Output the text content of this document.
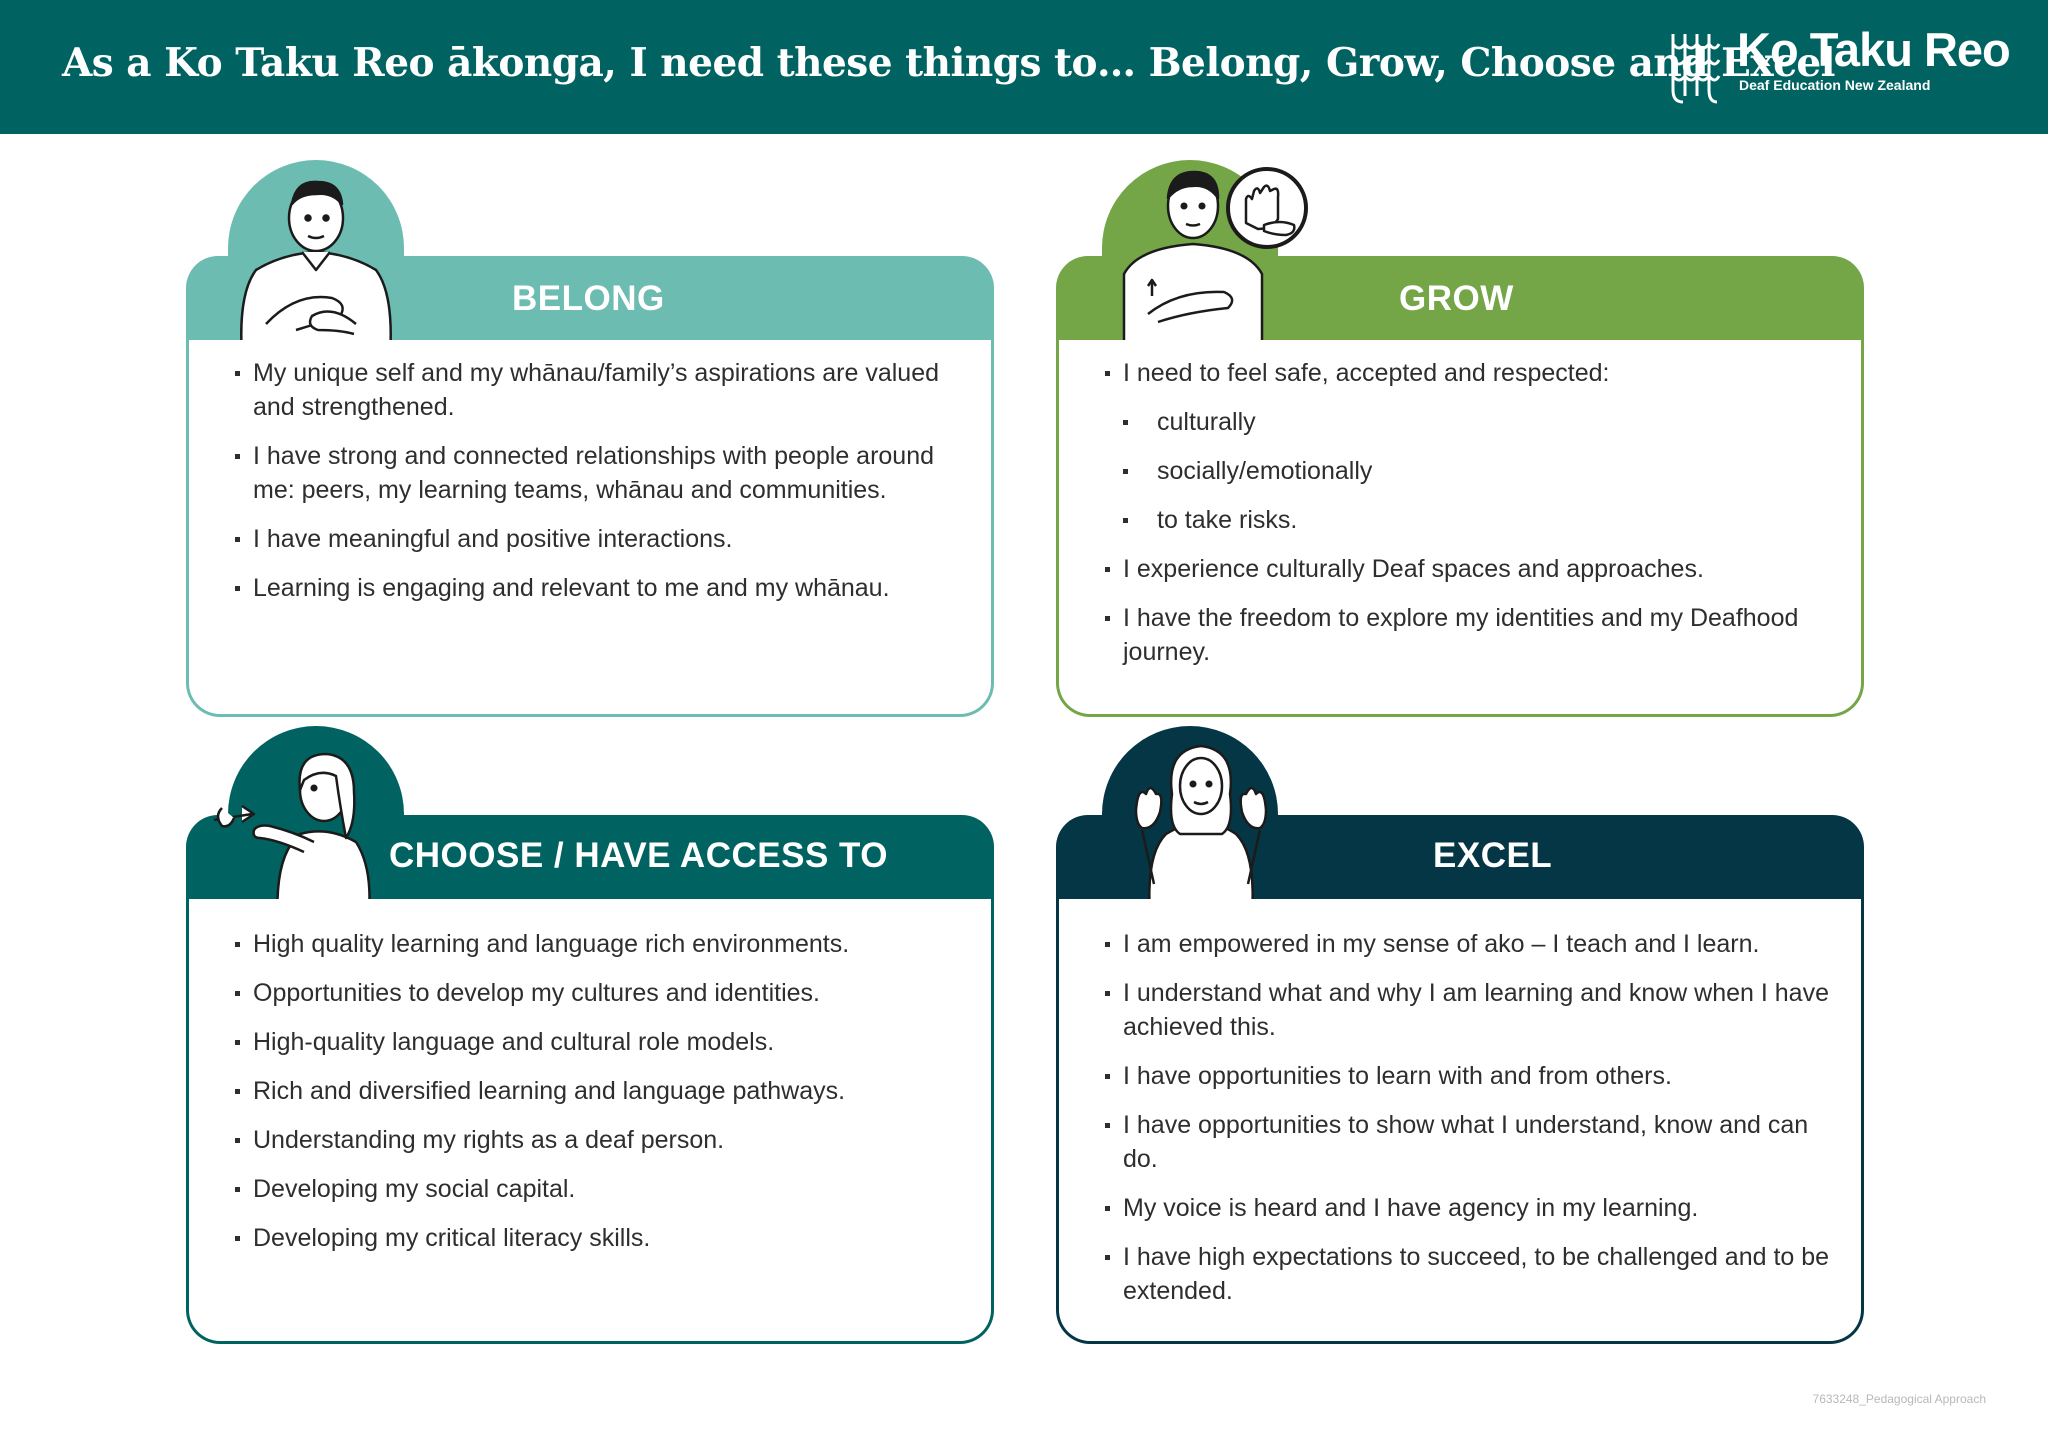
As a Ko Taku Reo ākonga, I need these things to… Belong, Grow, Choose and Excel
Ko Taku Reo
Deaf Education New Zealand
BELONG
My unique self and my whānau/family’s aspirations are valued and strengthened.
I have strong and connected relationships with people around me: peers, my learning teams, whānau and communities.
I have meaningful and positive interactions.
Learning is engaging and relevant to me and my whānau.
GROW
I need to feel safe, accepted and respected:
culturally
socially/emotionally
to take risks.
I experience culturally Deaf spaces and approaches.
I have the freedom to explore my identities and my Deafhood journey.
CHOOSE / HAVE ACCESS TO
High quality learning and language rich environments.
Opportunities to develop my cultures and identities.
High-quality language and cultural role models.
Rich and diversified learning and language pathways.
Understanding my rights as a deaf person.
Developing my social capital.
Developing my critical literacy skills.
EXCEL
I am empowered in my sense of ako – I teach and I learn.
I understand what and why I am learning and know when I have achieved this.
I have opportunities to learn with and from others.
I have opportunities to show what I understand, know and can do.
My voice is heard and I have agency in my learning.
I have high expectations to succeed, to be challenged and to be extended.
7633248_Pedagogical Approach
